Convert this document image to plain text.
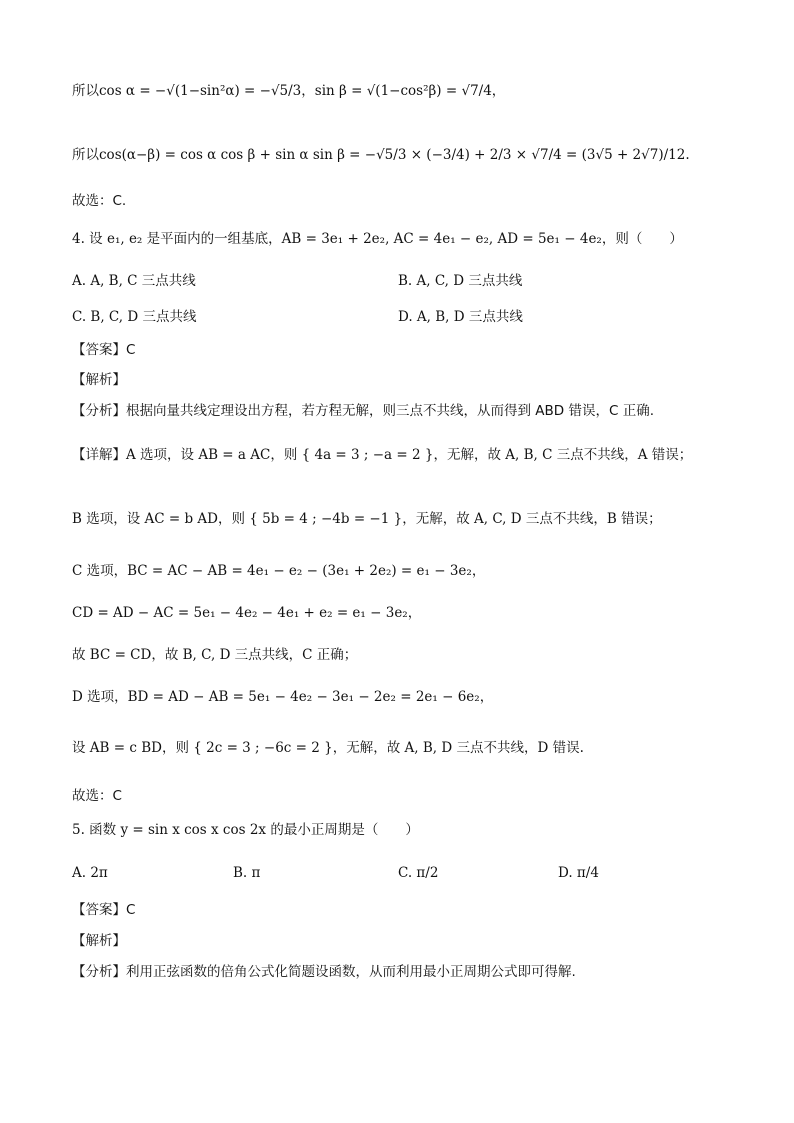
所以cos α = −√(1−sin²α) = −√5/3，sin β = √(1−cos²β) = √7/4，
所以cos(α−β) = cos α cos β + sin α sin β = −√5/3 × (−3/4) + 2/3 × √7/4 = (3√5 + 2√7)/12.
故选：C.
4. 设 e₁, e₂ 是平面内的一组基底，AB = 3e₁ + 2e₂, AC = 4e₁ − e₂, AD = 5e₁ − 4e₂，则（　　）
A. A, B, C 三点共线	B. A, C, D 三点共线
C. B, C, D 三点共线	D. A, B, D 三点共线
【答案】C
【解析】
【分析】根据向量共线定理设出方程，若方程无解，则三点不共线，从而得到 ABD 错误，C 正确.
【详解】A 选项，设 AB = a AC，则 { 4a = 3 ; −a = 2 }，无解，故 A, B, C 三点不共线，A 错误；
B 选项，设 AC = b AD，则 { 5b = 4 ; −4b = −1 }，无解，故 A, C, D 三点不共线，B 错误；
C 选项，BC = AC − AB = 4e₁ − e₂ − (3e₁ + 2e₂) = e₁ − 3e₂，
CD = AD − AC = 5e₁ − 4e₂ − 4e₁ + e₂ = e₁ − 3e₂，
故 BC = CD，故 B, C, D 三点共线，C 正确；
D 选项，BD = AD − AB = 5e₁ − 4e₂ − 3e₁ − 2e₂ = 2e₁ − 6e₂，
设 AB = c BD，则 { 2c = 3 ; −6c = 2 }，无解，故 A, B, D 三点不共线，D 错误.
故选：C
5. 函数 y = sin x cos x cos 2x 的最小正周期是（　　）
A. 2π	B. π	C. π/2	D. π/4
【答案】C
【解析】
【分析】利用正弦函数的倍角公式化简题设函数，从而利用最小正周期公式即可得解.
